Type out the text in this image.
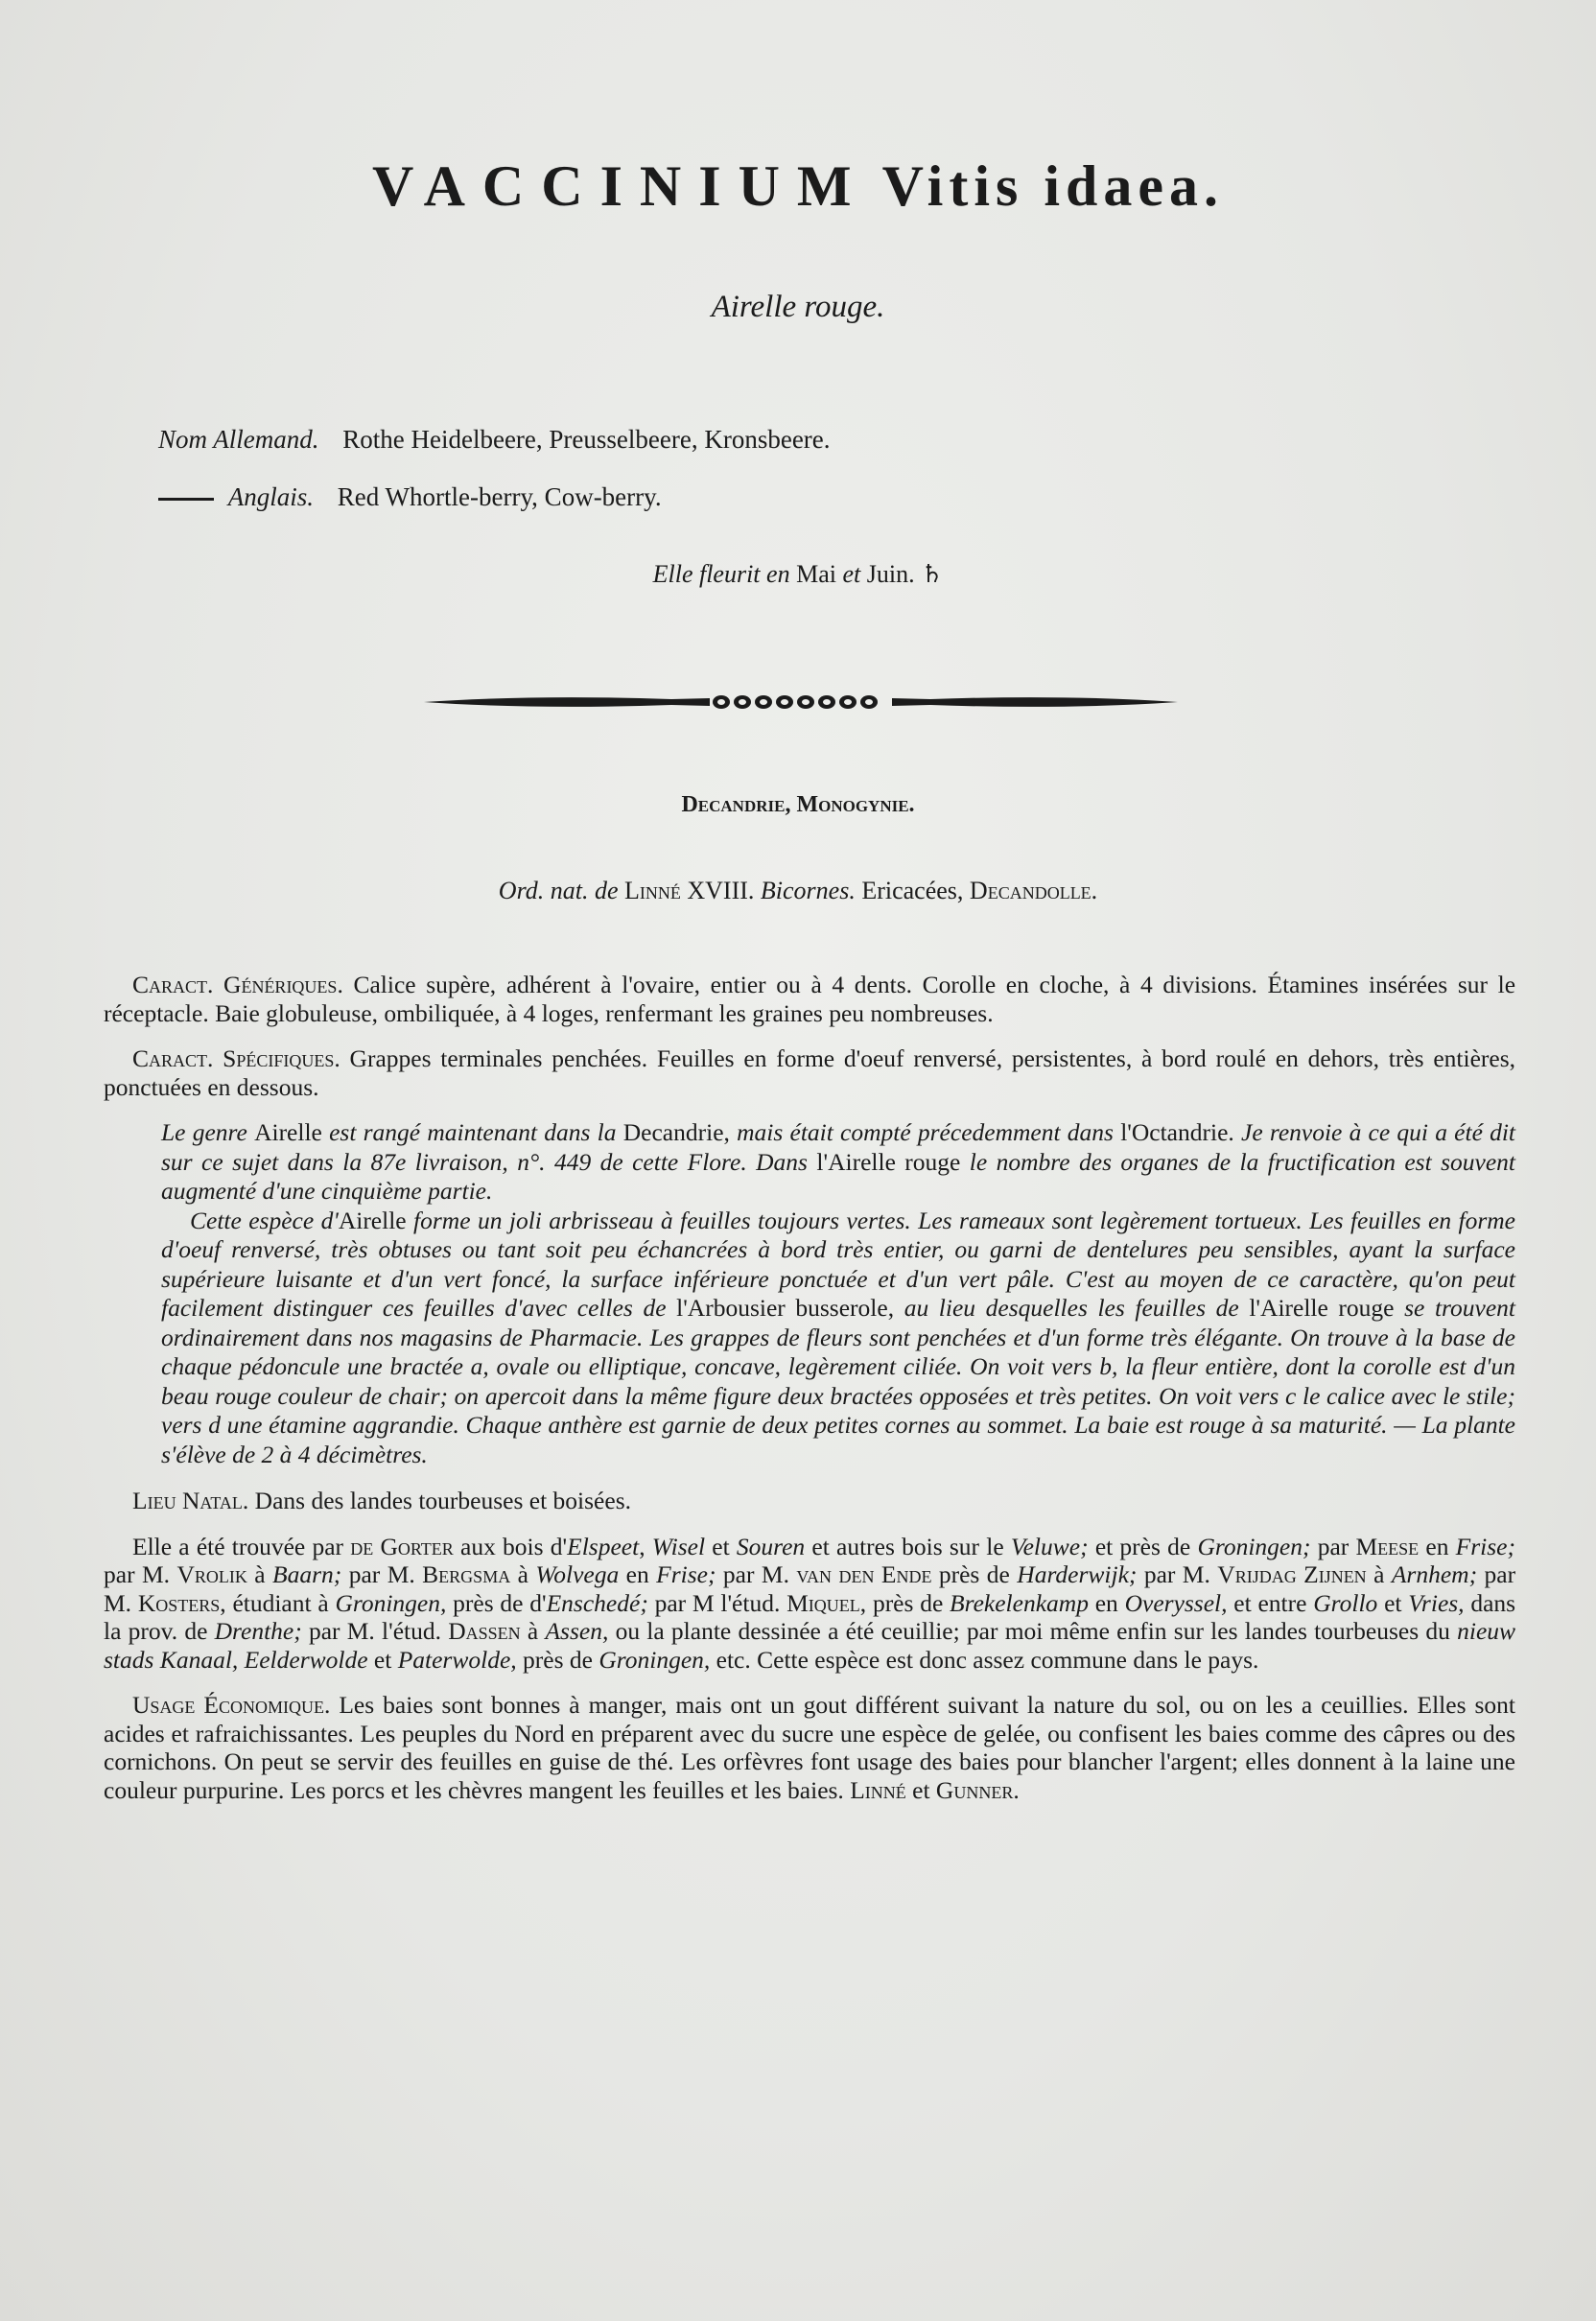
VACCINIUM Vitis idaea.
Airelle rouge.
Nom Allemand. Rothe Heidelbeere, Preusselbeere, Kronsbeere.
Anglais. Red Whortle-berry, Cow-berry.
Elle fleurit en Mai et Juin. ♄
Decandrie, Monogynie.
Ord. nat. de Linné XVIII. Bicornes. Ericacées, Decandolle.

Caract. Génériques. Calice supère, adhérent à l'ovaire, entier ou à 4 dents. Corolle en cloche, à 4 divisions. Étamines insérées sur le réceptacle. Baie globuleuse, ombiliquée, à 4 loges, renfermant les graines peu nombreuses.

Caract. Spécifiques. Grappes terminales penchées. Feuilles en forme d'oeuf renversé, persistentes, à bord roulé en dehors, très entières, ponctuées en dessous.

Le genre Airelle est rangé maintenant dans la Decandrie, mais était compté précedemment dans l'Octandrie. Je renvoie à ce qui a été dit sur ce sujet dans la 87e livraison, n°. 449 de cette Flore. Dans l'Airelle rouge le nombre des organes de la fructification est souvent augmenté d'une cinquième partie.
Cette espèce d'Airelle forme un joli arbrisseau à feuilles toujours vertes. Les rameaux sont legèrement tortueux. Les feuilles en forme d'oeuf renversé, très obtuses ou tant soit peu échancrées à bord très entier, ou garni de dentelures peu sensibles, ayant la surface supérieure luisante et d'un vert foncé, la surface inférieure ponctuée et d'un vert pâle. C'est au moyen de ce caractère, qu'on peut facilement distinguer ces feuilles d'avec celles de l'Arbousier busserole, au lieu desquelles les feuilles de l'Airelle rouge se trouvent ordinairement dans nos magasins de Pharmacie. Les grappes de fleurs sont penchées et d'un forme très élégante. On trouve à la base de chaque pédoncule une bractée a, ovale ou elliptique, concave, legèrement ciliée. On voit vers b, la fleur entière, dont la corolle est d'un beau rouge couleur de chair; on apercoit dans la même figure deux bractées opposées et très petites. On voit vers c le calice avec le stile; vers d une étamine aggrandie. Chaque anthère est garnie de deux petites cornes au sommet. La baie est rouge à sa maturité. — La plante s'élève de 2 à 4 décimètres.

Lieu Natal. Dans des landes tourbeuses et boisées.

Elle a été trouvée par de Gorter aux bois d'Elspeet, Wisel et Souren et autres bois sur le Veluwe; et près de Groningen; par Meese en Frise; par M. Vrolik à Baarn; par M. Bergsma à Wolvega en Frise; par M. van den Ende près de Harderwijk; par M. Vrijdag Zijnen à Arnhem; par M. Kosters, étudiant à Groningen, près de d'Enschedé; par M l'étud. Miquel, près de Brekelenkamp en Overyssel, et entre Grollo et Vries, dans la prov. de Drenthe; par M. l'étud. Dassen à Assen, ou la plante dessinée a été ceuillie; par moi même enfin sur les landes tourbeuses du nieuw stads Kanaal, Eelderwolde et Paterwolde, près de Groningen, etc. Cette espèce est donc assez commune dans le pays.

Usage Économique. Les baies sont bonnes à manger, mais ont un gout différent suivant la nature du sol, ou on les a ceuillies. Elles sont acides et rafraichissantes. Les peuples du Nord en préparent avec du sucre une espèce de gelée, ou confisent les baies comme des câpres ou des cornichons. On peut se servir des feuilles en guise de thé. Les orfèvres font usage des baies pour blancher l'argent; elles donnent à la laine une couleur purpurine. Les porcs et les chèvres mangent les feuilles et les baies. Linné et Gunner.
